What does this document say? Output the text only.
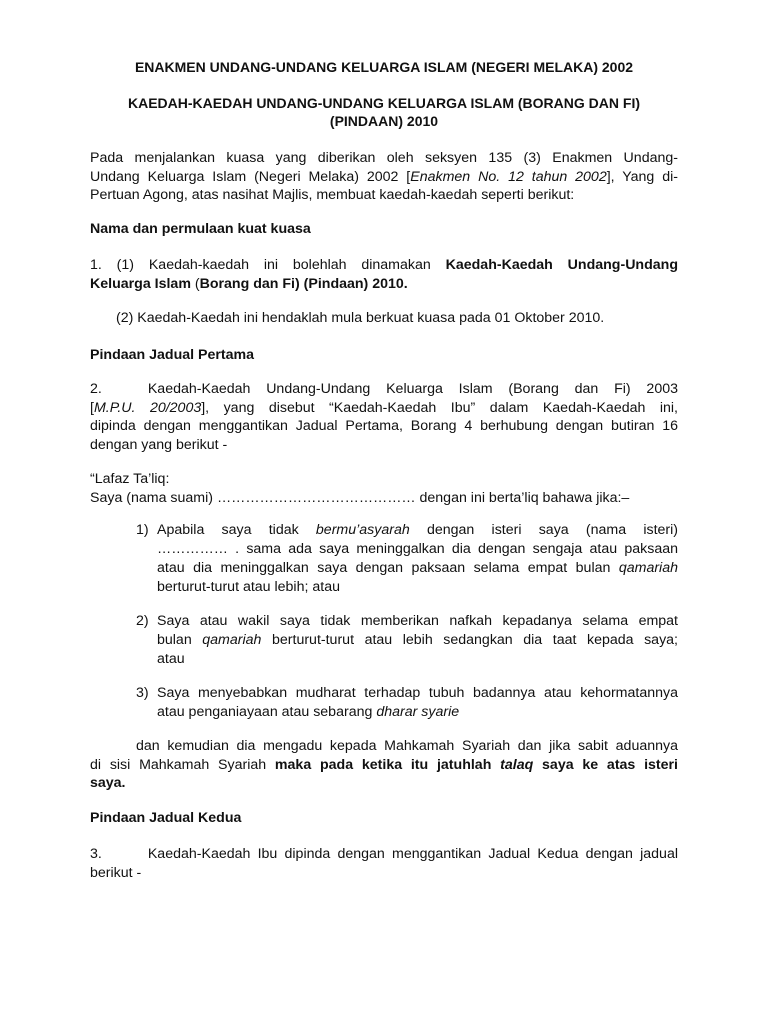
ENAKMEN UNDANG-UNDANG KELUARGA ISLAM (NEGERI MELAKA) 2002
KAEDAH-KAEDAH UNDANG-UNDANG KELUARGA ISLAM (BORANG DAN FI)
(PINDAAN) 2010
Pada menjalankan kuasa yang diberikan oleh seksyen 135 (3) Enakmen Undang-
Undang Keluarga Islam (Negeri Melaka) 2002 [Enakmen No. 12 tahun 2002], Yang di-
Pertuan Agong, atas nasihat Majlis, membuat kaedah-kaedah seperti berikut:
Nama dan permulaan kuat kuasa
1. (1) Kaedah-kaedah ini bolehlah dinamakan Kaedah-Kaedah Undang-Undang
Keluarga Islam (Borang dan Fi) (Pindaan) 2010.
(2) Kaedah-Kaedah ini hendaklah mula berkuat kuasa pada 01 Oktober 2010.
Pindaan Jadual Pertama
2.	Kaedah-Kaedah Undang-Undang Keluarga Islam (Borang dan Fi) 2003
[M.P.U. 20/2003], yang disebut “Kaedah-Kaedah Ibu” dalam Kaedah-Kaedah ini,
dipinda dengan menggantikan Jadual Pertama, Borang 4 berhubung dengan butiran 16
dengan yang berikut -
“Lafaz Ta’liq:
Saya (nama suami) …………………………………… dengan ini berta’liq bahawa jika:–
1) Apabila saya tidak bermu’asyarah dengan isteri saya (nama isteri)
…………… . sama ada saya meninggalkan dia dengan sengaja atau paksaan
atau dia meninggalkan saya dengan paksaan selama empat bulan qamariah
berturut-turut atau lebih; atau
2) Saya atau wakil saya tidak memberikan nafkah kepadanya selama empat
bulan qamariah berturut-turut atau lebih sedangkan dia taat kepada saya;
atau
3) Saya menyebabkan mudharat terhadap tubuh badannya atau kehormatannya
atau penganiayaan atau sebarang dharar syarie
dan kemudian dia mengadu kepada Mahkamah Syariah dan jika sabit aduannya
di sisi Mahkamah Syariah maka pada ketika itu jatuhlah talaq saya ke atas isteri
saya.
Pindaan Jadual Kedua
3.	Kaedah-Kaedah Ibu dipinda dengan menggantikan Jadual Kedua dengan jadual
berikut -
